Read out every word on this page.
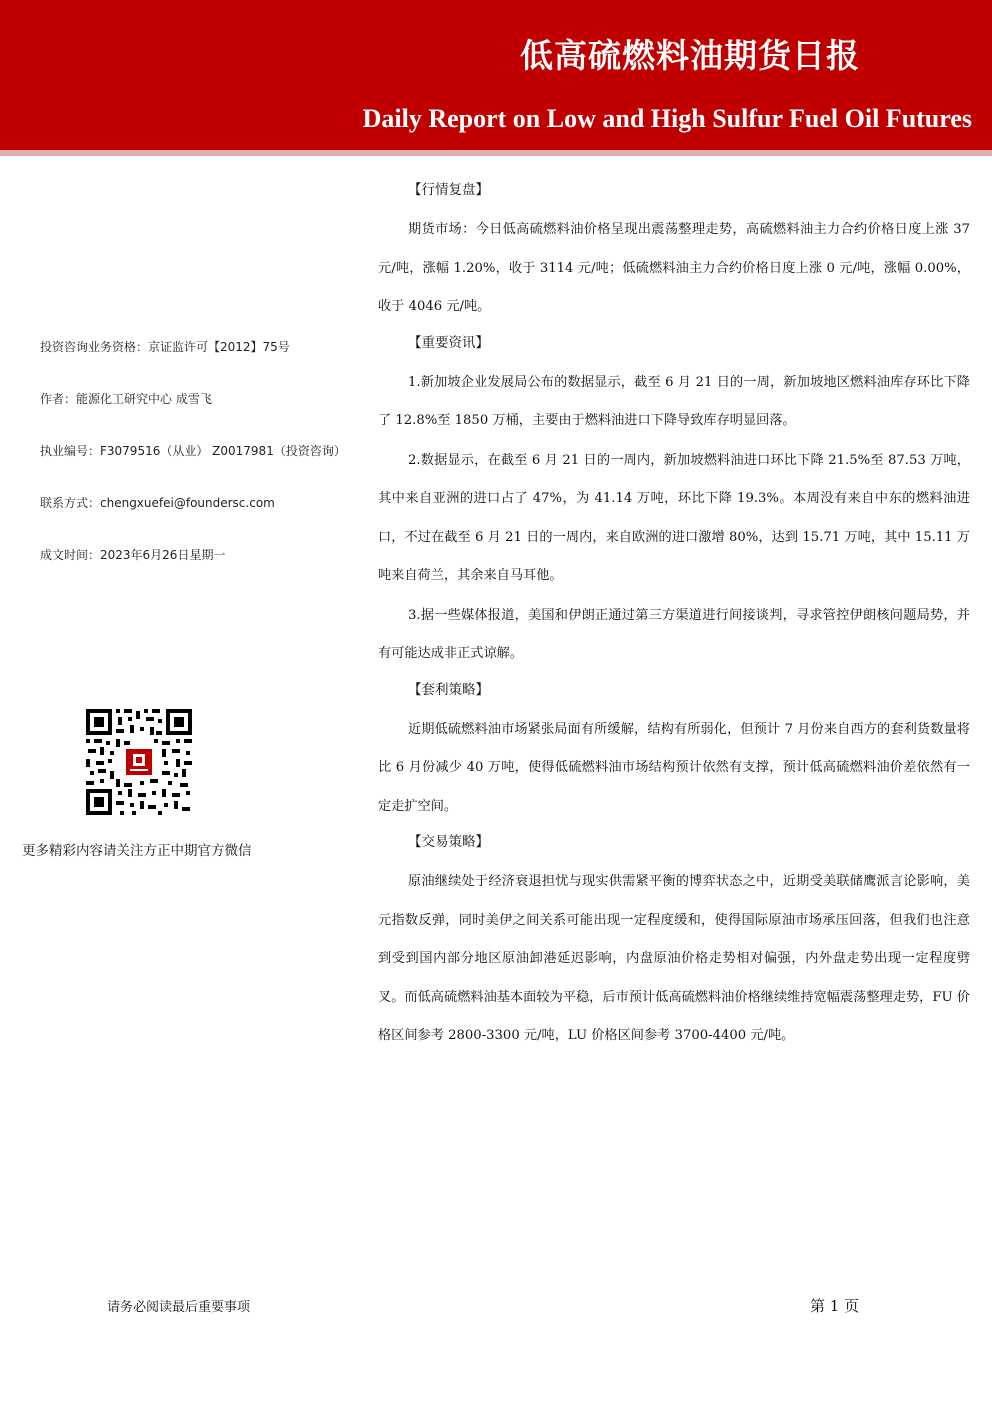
低高硫燃料油期货日报
Daily Report on Low and High Sulfur Fuel Oil Futures
投资咨询业务资格：京证监许可【2012】75号
作者：能源化工研究中心 成雪飞
执业编号：F3079516（从业） Z0017981（投资咨询）
联系方式：chengxuefei@foundersc.com
成文时间：2023年6月26日星期一
更多精彩内容请关注方正中期官方微信
【行情复盘】

期货市场：今日低高硫燃料油价格呈现出震荡整理走势，高硫燃料油主力合约价格日度上涨 37 元/吨，涨幅 1.20%，收于 3114 元/吨；低硫燃料油主力合约价格日度上涨 0 元/吨，涨幅 0.00%，收于 4046 元/吨。

【重要资讯】

1.新加坡企业发展局公布的数据显示，截至 6 月 21 日的一周，新加坡地区燃料油库存环比下降了 12.8%至 1850 万桶，主要由于燃料油进口下降导致库存明显回落。

2.数据显示，在截至 6 月 21 日的一周内，新加坡燃料油进口环比下降 21.5%至 87.53 万吨，其中来自亚洲的进口占了 47%，为 41.14 万吨，环比下降 19.3%。本周没有来自中东的燃料油进口，不过在截至 6 月 21 日的一周内，来自欧洲的进口激增 80%，达到 15.71 万吨，其中 15.11 万吨来自荷兰，其余来自马耳他。

3.据一些媒体报道，美国和伊朗正通过第三方渠道进行间接谈判，寻求管控伊朗核问题局势，并有可能达成非正式谅解。

【套利策略】

近期低硫燃料油市场紧张局面有所缓解，结构有所弱化，但预计 7 月份来自西方的套利货数量将比 6 月份减少 40 万吨，使得低硫燃料油市场结构预计依然有支撑，预计低高硫燃料油价差依然有一定走扩空间。

【交易策略】

原油继续处于经济衰退担忧与现实供需紧平衡的博弈状态之中，近期受美联储鹰派言论影响，美元指数反弹，同时美伊之间关系可能出现一定程度缓和，使得国际原油市场承压回落，但我们也注意到受到国内部分地区原油卸港延迟影响，内盘原油价格走势相对偏强，内外盘走势出现一定程度劈叉。而低高硫燃料油基本面较为平稳，后市预计低高硫燃料油价格继续维持宽幅震荡整理走势，FU 价格区间参考 2800-3300 元/吨，LU 价格区间参考 3700-4400 元/吨。

请务必阅读最后重要事项	第 1 页
